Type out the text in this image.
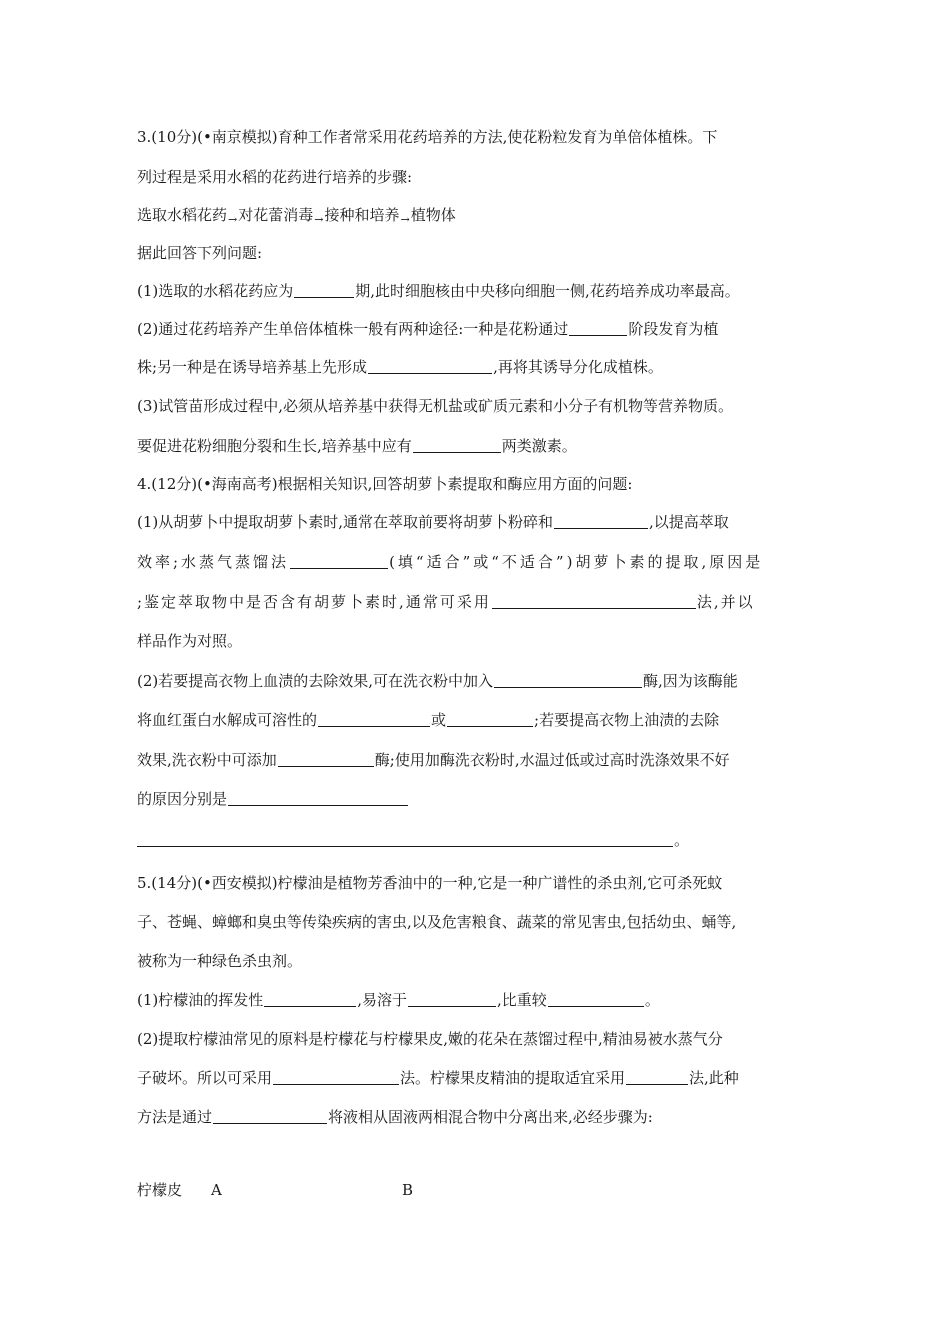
3.(10分)(•南京模拟)育种工作者常采用花药培养的方法,使花粉粒发育为单倍体植株。下
列过程是采用水稻的花药进行培养的步骤:
选取水稻花药$_\to$对花蕾消毒$_\to$接种和培养$_\to$植物体
据此回答下列问题:
(1)选取的水稻花药应为	期,此时细胞核由中央移向细胞一侧,花药培养成功率最高。
(2)通过花药培养产生单倍体植株一般有两种途径:一种是花粉通过	阶段发育为植
株;另一种是在诱导培养基上先形成	,再将其诱导分化成植株。
(3)试管苗形成过程中,必须从培养基中获得无机盐或矿质元素和小分子有机物等营养物质。
要促进花粉细胞分裂和生长,培养基中应有	两类激素。
4.(12分)(•海南高考)根据相关知识,回答胡萝卜素提取和酶应用方面的问题:
(1)从胡萝卜中提取胡萝卜素时,通常在萃取前要将胡萝卜粉碎和	,以提高萃取
效率;水蒸气蒸馏法	(填“适合”或“不适合”)胡萝卜素的提取,原因是
;鉴定萃取物中是否含有胡萝卜素时,通常可采用	法,并以
样品作为对照。
(2)若要提高衣物上血渍的去除效果,可在洗衣粉中加入	酶,因为该酶能
将血红蛋白水解成可溶性的	或	;若要提高衣物上油渍的去除
效果,洗衣粉中可添加	酶;使用加酶洗衣粉时,水温过低或过高时洗涤效果不好
的原因分别是
。
5.(14分)(•西安模拟)柠檬油是植物芳香油中的一种,它是一种广谱性的杀虫剂,它可杀死蚊
子、苍蝇、蟑螂和臭虫等传染疾病的害虫,以及危害粮食、蔬菜的常见害虫,包括幼虫、蛹等,
被称为一种绿色杀虫剂。
(1)柠檬油的挥发性	,易溶于	,比重较	。
(2)提取柠檬油常见的原料是柠檬花与柠檬果皮,嫩的花朵在蒸馏过程中,精油易被水蒸气分
子破坏。所以可采用	法。柠檬果皮精油的提取适宜采用	法,此种
方法是通过	将液相从固液两相混合物中分离出来,必经步骤为:
柠檬皮 A	B
